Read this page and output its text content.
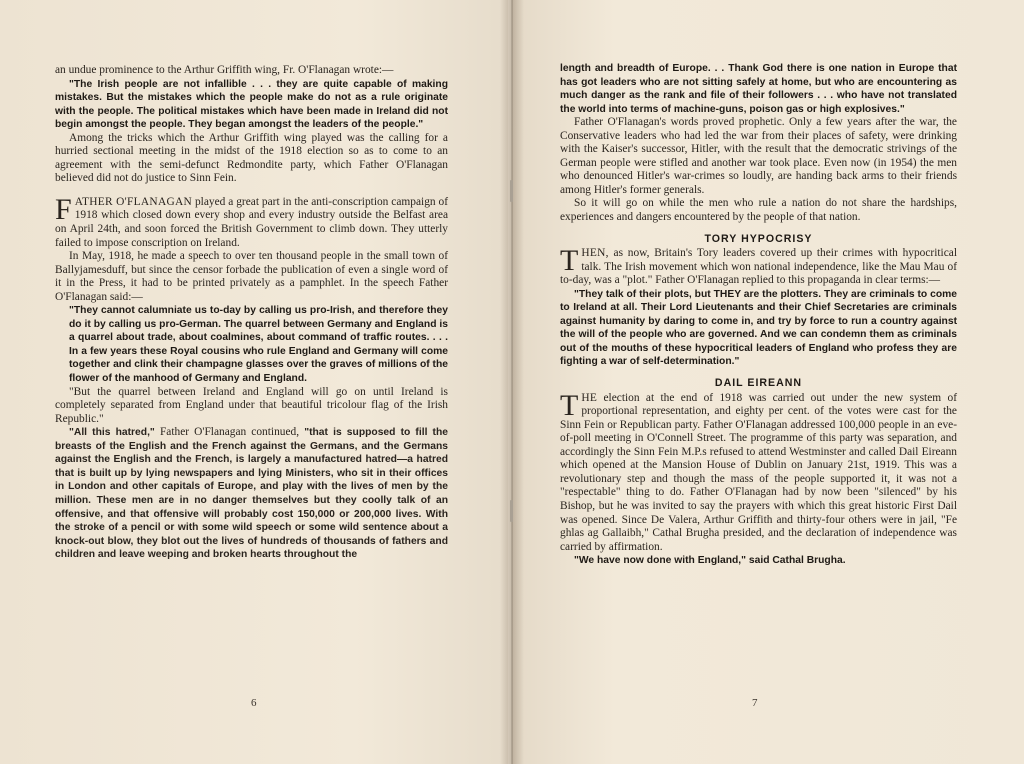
an undue prominence to the Arthur Griffith wing, Fr. O'Flanagan wrote:—

"The Irish people are not infallible . . . they are quite capable of making mistakes. But the mistakes which the people make do not as a rule originate with the people. The political mistakes which have been made in Ireland did not begin amongst the people. They began amongst the leaders of the people."

Among the tricks which the Arthur Griffith wing played was the calling for a hurried sectional meeting in the midst of the 1918 election so as to come to an agreement with the semi-defunct Redmondite party, which Father O'Flanagan believed did not do justice to Sinn Fein.

FATHER O'FLANAGAN played a great part in the anti-conscription campaign of 1918 which closed down every shop and every industry outside the Belfast area on April 24th, and soon forced the British Government to climb down. They utterly failed to impose conscription on Ireland.

In May, 1918, he made a speech to over ten thousand people in the small town of Ballyjamesduff, but since the censor forbade the publication of even a single word of it in the Press, it had to be printed privately as a pamphlet. In the speech Father O'Flanagan said:—

"They cannot calumniate us to-day by calling us pro-Irish, and therefore they do it by calling us pro-German. The quarrel between Germany and England is a quarrel about trade, about coalmines, about command of traffic routes. . . . In a few years these Royal cousins who rule England and Germany will come together and clink their champagne glasses over the graves of millions of the flower of the manhood of Germany and England.

"But the quarrel between Ireland and England will go on until Ireland is completely separated from England under that beautiful tricolour flag of the Irish Republic."

"All this hatred," Father O'Flanagan continued, "that is supposed to fill the breasts of the English and the French against the Germans, and the Germans against the English and the French, is largely a manufactured hatred—a hatred that is built up by lying newspapers and lying Ministers, who sit in their offices in London and other capitals of Europe, and play with the lives of men by the million. These men are in no danger themselves but they coolly talk of an offensive, and that offensive will probably cost 150,000 or 200,000 lives. With the stroke of a pencil or with some wild speech or some wild sentence about a knock-out blow, they blot out the lives of hundreds of thousands of fathers and children and leave weeping and broken hearts throughout the

6

length and breadth of Europe. . . Thank God there is one nation in Europe that has got leaders who are not sitting safely at home, but who are encountering as much danger as the rank and file of their followers . . . who have not translated the world into terms of machine-guns, poison gas or high explosives."

Father O'Flanagan's words proved prophetic. Only a few years after the war, the Conservative leaders who had led the war from their places of safety, were drinking with the Kaiser's successor, Hitler, with the result that the democratic strivings of the German people were stifled and another war took place. Even now (in 1954) the men who denounced Hitler's war-crimes so loudly, are handing back arms to their friends among Hitler's former generals.

So it will go on while the men who rule a nation do not share the hardships, experiences and dangers encountered by the people of that nation.

TORY HYPOCRISY

THEN, as now, Britain's Tory leaders covered up their crimes with hypocritical talk. The Irish movement which won national independence, like the Mau Mau of to-day, was a "plot." Father O'Flanagan replied to this propaganda in clear terms:—

"They talk of their plots, but THEY are the plotters. They are criminals to come to Ireland at all. Their Lord Lieutenants and their Chief Secretaries are criminals against humanity by daring to come in, and try by force to run a country against the will of the people who are governed. And we can condemn them as criminals out of the mouths of these hypocritical leaders of England who profess they are fighting a war of self-determination."

DAIL EIREANN

THE election at the end of 1918 was carried out under the new system of proportional representation, and eighty per cent. of the votes were cast for the Sinn Fein or Republican party. Father O'Flanagan addressed 100,000 people in an eve-of-poll meeting in O'Connell Street. The programme of this party was separation, and accordingly the Sinn Fein M.P.s refused to attend Westminster and called Dail Eireann which opened at the Mansion House of Dublin on January 21st, 1919. This was a revolutionary step and though the mass of the people supported it, it was not a "respectable" thing to do. Father O'Flanagan had by now been "silenced" by his Bishop, but he was invited to say the prayers with which this great historic First Dail was opened. Since De Valera, Arthur Griffith and thirty-four others were in jail, "Fe ghlas ag Gallaibh," Cathal Brugha presided, and the declaration of independence was carried by affirmation.

"We have now done with England," said Cathal Brugha.

7
